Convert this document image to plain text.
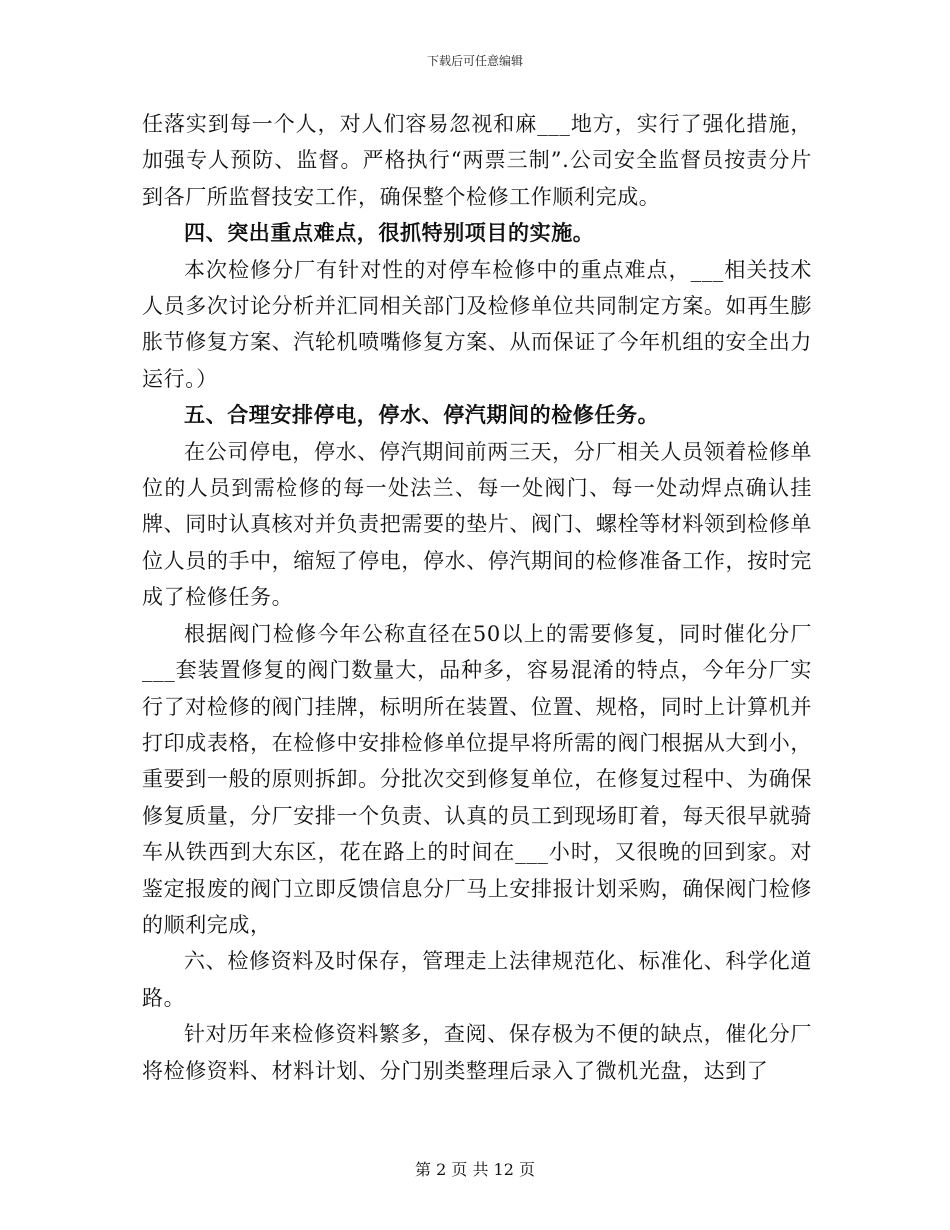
下载后可任意编辑

任落实到每一个人，对人们容易忽视和麻___地方，实行了强化措施，加强专人预防、监督。严格执行“两票三制”.公司安全监督员按责分片到各厂所监督技安工作，确保整个检修工作顺利完成。

四、突出重点难点，很抓特别项目的实施。

本次检修分厂有针对性的对停车检修中的重点难点，___相关技术人员多次讨论分析并汇同相关部门及检修单位共同制定方案。如再生膨胀节修复方案、汽轮机喷嘴修复方案、从而保证了今年机组的安全出力运行。）

五、合理安排停电，停水、停汽期间的检修任务。

在公司停电，停水、停汽期间前两三天，分厂相关人员领着检修单位的人员到需检修的每一处法兰、每一处阀门、每一处动焊点确认挂牌、同时认真核对并负责把需要的垫片、阀门、螺栓等材料领到检修单位人员的手中，缩短了停电，停水、停汽期间的检修准备工作，按时完成了检修任务。

根据阀门检修今年公称直径在50以上的需要修复，同时催化分厂___套装置修复的阀门数量大，品种多，容易混淆的特点，今年分厂实行了对检修的阀门挂牌，标明所在装置、位置、规格，同时上计算机并打印成表格，在检修中安排检修单位提早将所需的阀门根据从大到小，重要到一般的原则拆卸。分批次交到修复单位，在修复过程中、为确保修复质量，分厂安排一个负责、认真的员工到现场盯着，每天很早就骑车从铁西到大东区，花在路上的时间在___小时，又很晚的回到家。对鉴定报废的阀门立即反馈信息分厂马上安排报计划采购，确保阀门检修的顺利完成，

六、检修资料及时保存，管理走上法律规范化、标准化、科学化道路。

针对历年来检修资料繁多，查阅、保存极为不便的缺点，催化分厂将检修资料、材料计划、分门别类整理后录入了微机光盘，达到了

第 2 页 共 12 页
